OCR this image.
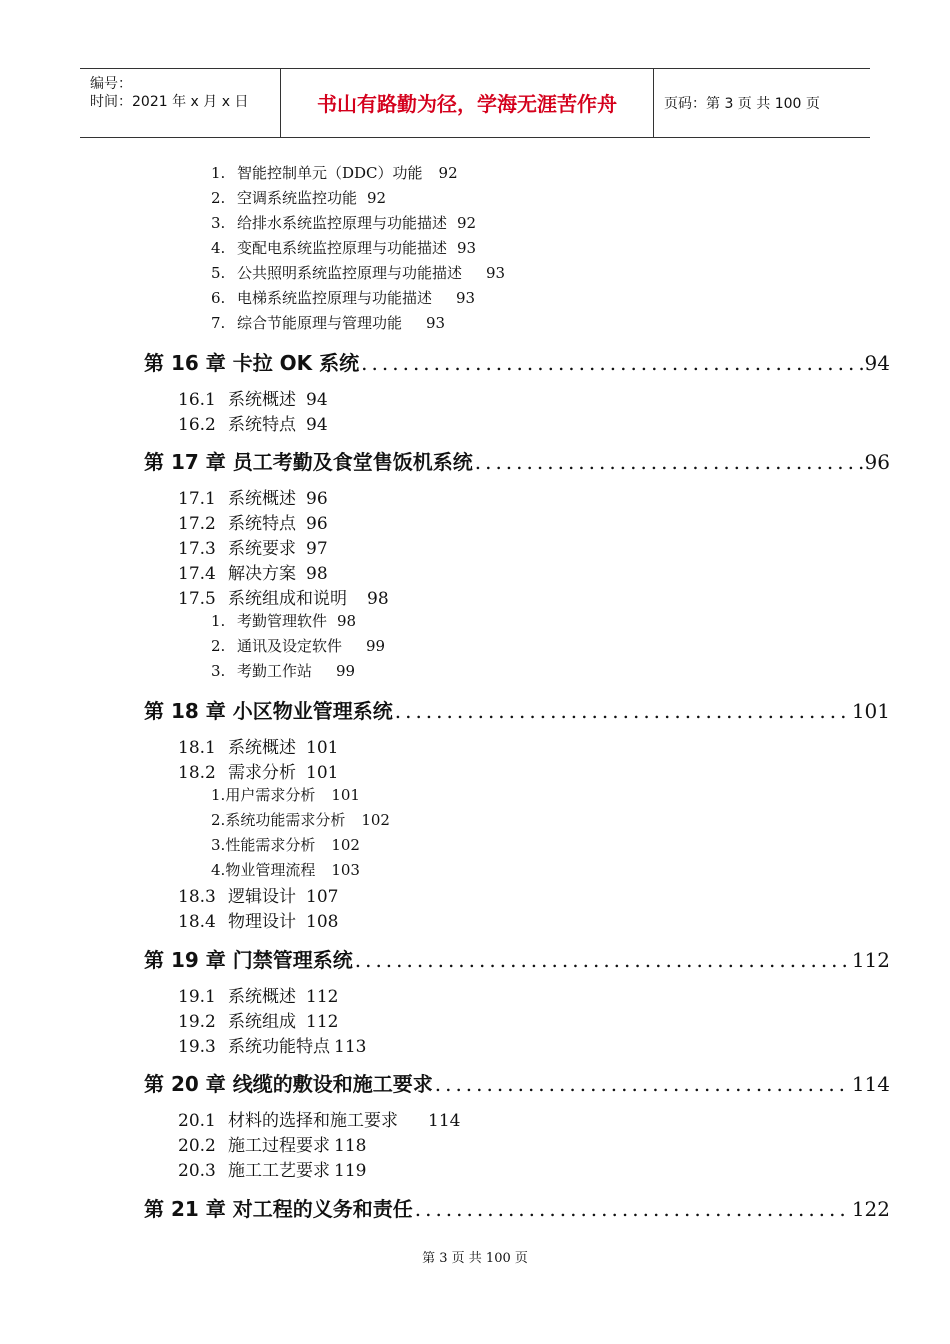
编号：
时间：2021 年 x 月 x 日	书山有路勤为径，学海无涯苦作舟	页码：第 3 页 共 100 页
1. 智能控制单元（DDC）功能 92
2. 空调系统监控功能 92
3. 给排水系统监控原理与功能描述 92
4. 变配电系统监控原理与功能描述 93
5. 公共照明系统监控原理与功能描述 93
6. 电梯系统监控原理与功能描述 93
7. 综合节能原理与管理功能 93
第 16 章 卡拉 OK 系统 .....	94
16.1 系统概述 94
16.2 系统特点 94
第 17 章 员工考勤及食堂售饭机系统 .....	96
17.1 系统概述 96
17.2 系统特点 96
17.3 系统要求 97
17.4 解决方案 98
17.5 系统组成和说明 98
1. 考勤管理软件 98
2. 通讯及设定软件 99
3. 考勤工作站 99
第 18 章 小区物业管理系统 .....	101
18.1 系统概述 101
18.2 需求分析 101
1.用户需求分析 101
2.系统功能需求分析 102
3.性能需求分析 102
4.物业管理流程 103
18.3 逻辑设计 107
18.4 物理设计 108
第 19 章 门禁管理系统 .....	112
19.1 系统概述 112
19.2 系统组成 112
19.3 系统功能特点 113
第 20 章 线缆的敷设和施工要求 .....	114
20.1 材料的选择和施工要求 114
20.2 施工过程要求 118
20.3 施工工艺要求 119
第 21 章 对工程的义务和责任 .....	122
第 3 页 共 100 页
